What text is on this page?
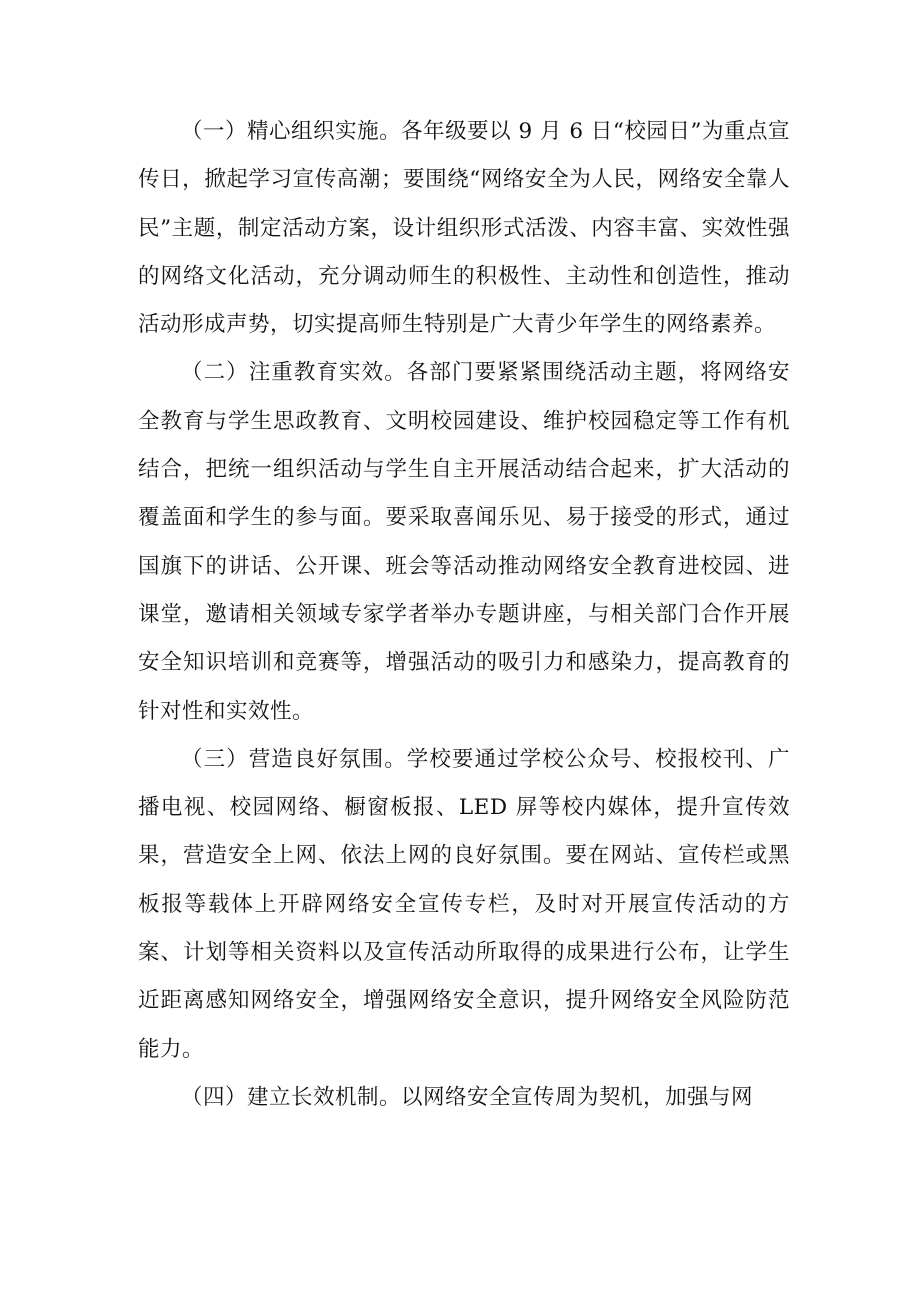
（一）精心组织实施。各年级要以 9 月 6 日“校园日”为重点宣传日，掀起学习宣传高潮；要围绕“网络安全为人民，网络安全靠人民”主题，制定活动方案，设计组织形式活泼、内容丰富、实效性强的网络文化活动，充分调动师生的积极性、主动性和创造性，推动活动形成声势，切实提高师生特别是广大青少年学生的网络素养。

（二）注重教育实效。各部门要紧紧围绕活动主题，将网络安全教育与学生思政教育、文明校园建设、维护校园稳定等工作有机结合，把统一组织活动与学生自主开展活动结合起来，扩大活动的覆盖面和学生的参与面。要采取喜闻乐见、易于接受的形式，通过国旗下的讲话、公开课、班会等活动推动网络安全教育进校园、进课堂，邀请相关领域专家学者举办专题讲座，与相关部门合作开展安全知识培训和竞赛等，增强活动的吸引力和感染力，提高教育的针对性和实效性。

（三）营造良好氛围。学校要通过学校公众号、校报校刊、广播电视、校园网络、橱窗板报、LED 屏等校内媒体，提升宣传效果，营造安全上网、依法上网的良好氛围。要在网站、宣传栏或黑板报等载体上开辟网络安全宣传专栏，及时对开展宣传活动的方案、计划等相关资料以及宣传活动所取得的成果进行公布，让学生近距离感知网络安全，增强网络安全意识，提升网络安全风险防范能力。

（四）建立长效机制。以网络安全宣传周为契机，加强与网
